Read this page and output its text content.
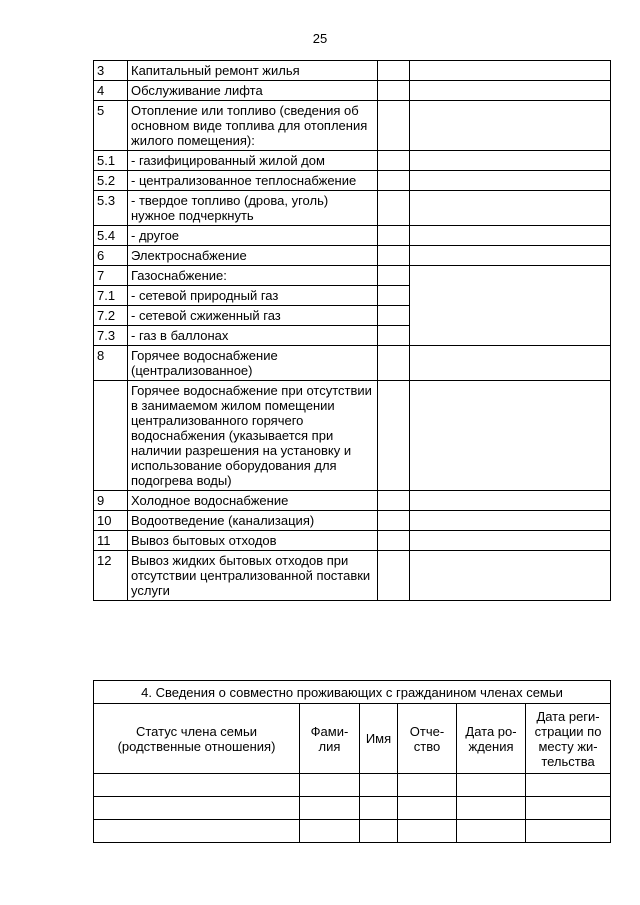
25
3	Капитальный ремонт жилья		
4	Обслуживание лифта		
5	Отопление или топливо (сведения об основном виде топлива для отопления жилого помещения):		
5.1	- газифицированный жилой дом		
5.2	- централизованное теплоснабжение		
5.3	- твердое топливо (дрова, уголь) нужное подчеркнуть		
5.4	- другое		
6	Электроснабжение		
7	Газоснабжение:		
7.1	- сетевой природный газ		
7.2	- сетевой сжиженный газ		
7.3	- газ в баллонах		
8	Горячее водоснабжение (централизованное)		
	Горячее водоснабжение при отсутствии в занимаемом жилом помещении централизованного горячего водоснабжения (указывается при наличии разрешения на установку и использование оборудования для подогрева воды)		
9	Холодное водоснабжение		
10	Водоотведение (канализация)		
11	Вывоз бытовых отходов		
12	Вывоз жидких бытовых отходов при отсутствии централизованной поставки услуги		
4. Сведения о совместно проживающих с гражданином членах семьи					
Статус члена семьи (родственные отношения)	Фами-лия	Имя	Отче-ство	Дата ро-ждения	Дата реги-страции по месту жи-тельства
